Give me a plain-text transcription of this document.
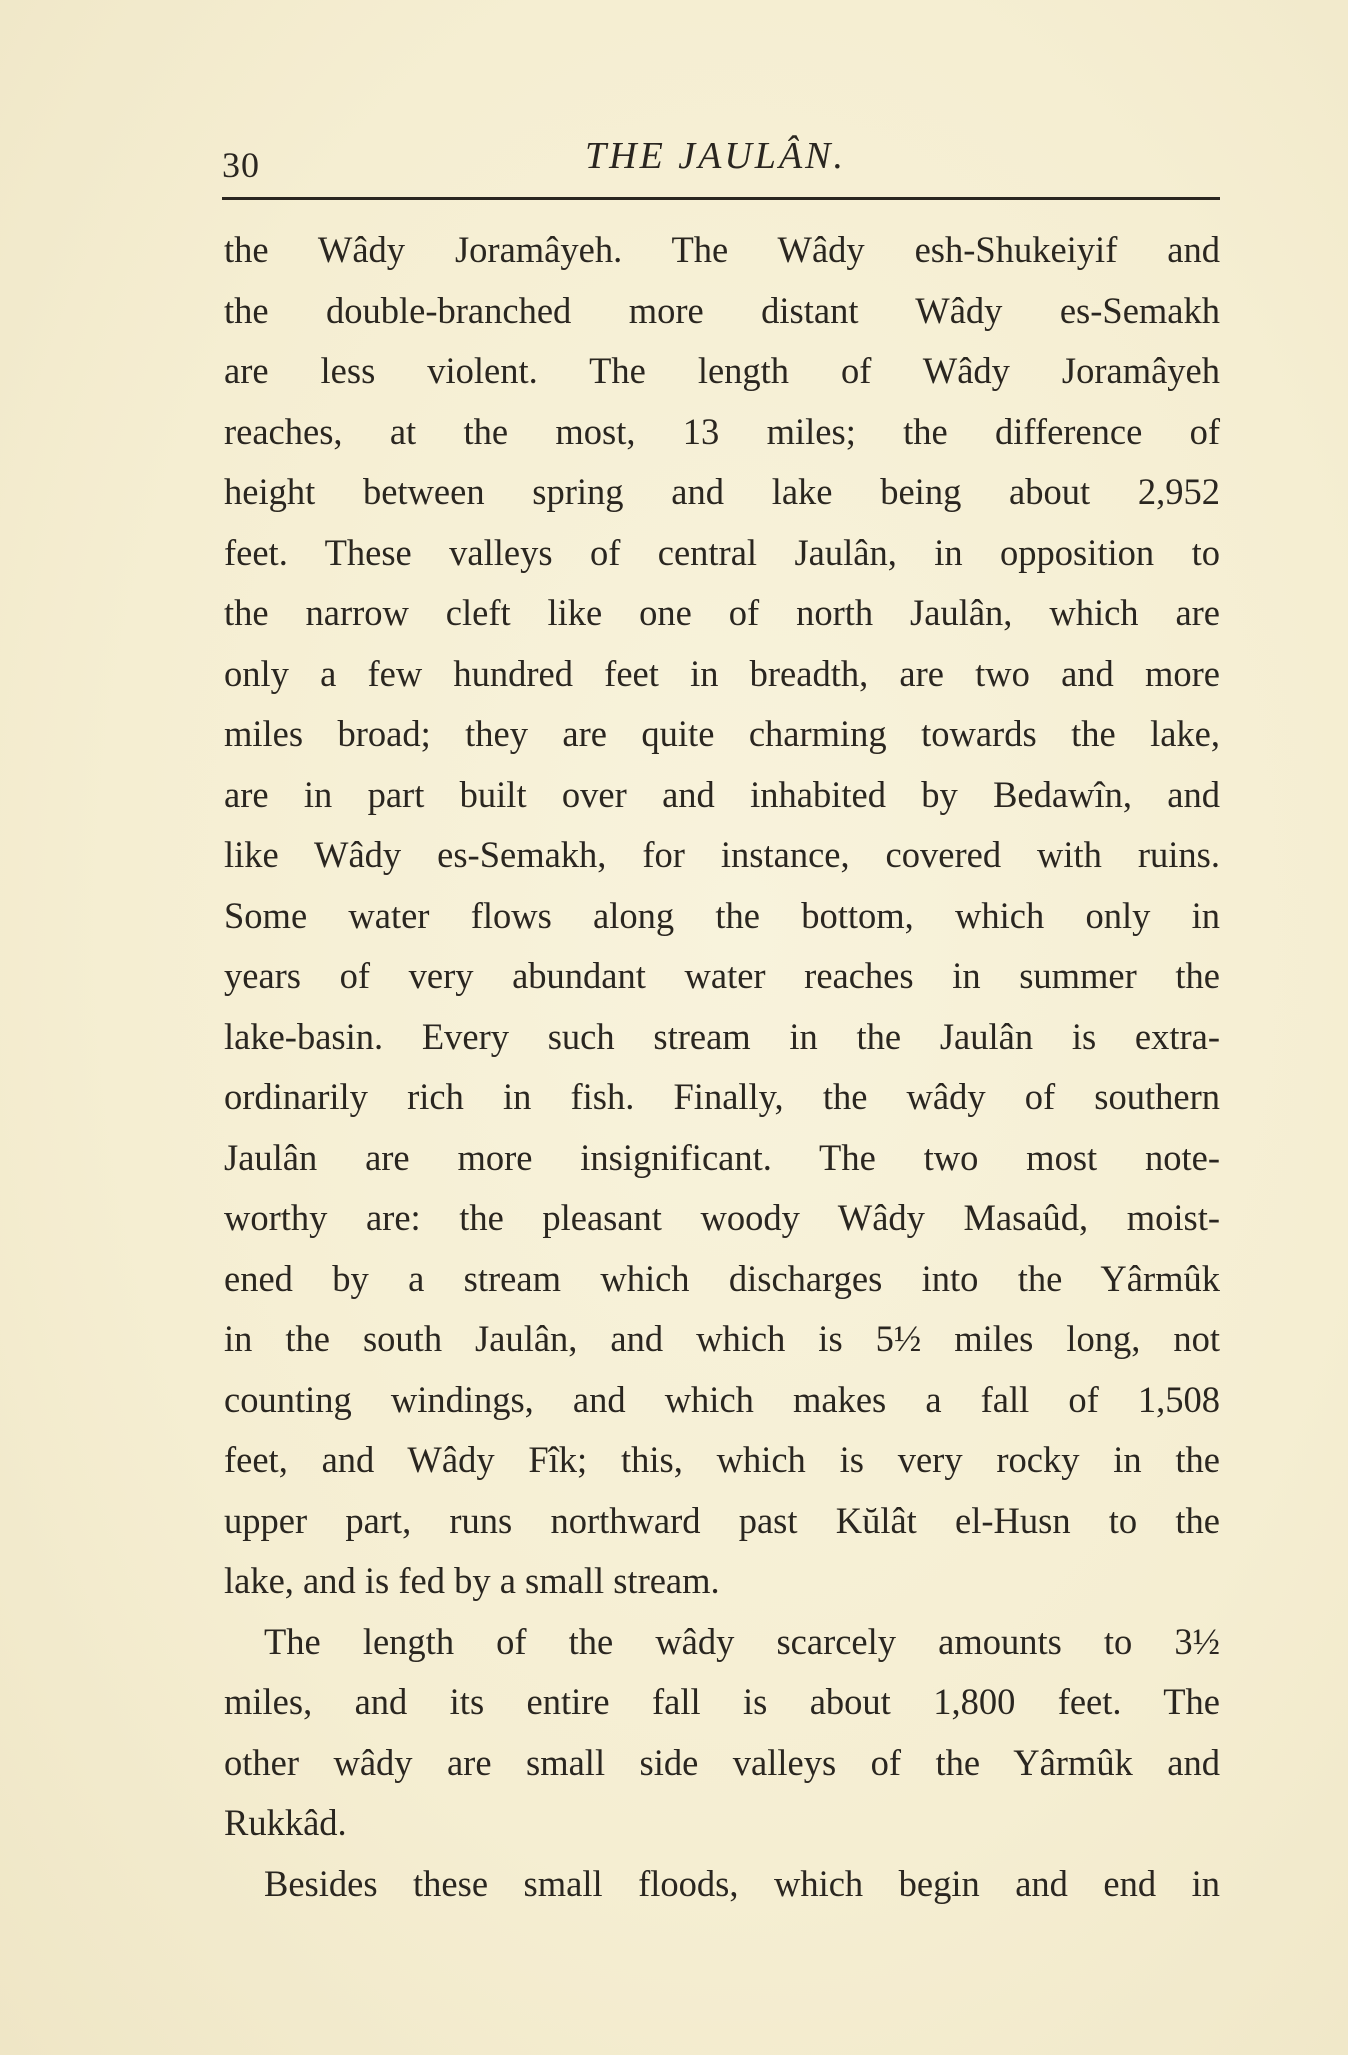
30	THE JAULÂN.
the Wâdy Joramâyeh. The Wâdy esh-Shukeiyif and
the double-branched more distant Wâdy es-Semakh
are less violent. The length of Wâdy Joramâyeh
reaches, at the most, 13 miles; the difference of
height between spring and lake being about 2,952
feet. These valleys of central Jaulân, in opposition to
the narrow cleft like one of north Jaulân, which are
only a few hundred feet in breadth, are two and more
miles broad; they are quite charming towards the lake,
are in part built over and inhabited by Bedawîn, and
like Wâdy es-Semakh, for instance, covered with ruins.
Some water flows along the bottom, which only in
years of very abundant water reaches in summer the
lake-basin. Every such stream in the Jaulân is extra-
ordinarily rich in fish. Finally, the wâdy of southern
Jaulân are more insignificant. The two most note-
worthy are: the pleasant woody Wâdy Masaûd, moist-
ened by a stream which discharges into the Yârmûk
in the south Jaulân, and which is 5½ miles long, not
counting windings, and which makes a fall of 1,508
feet, and Wâdy Fîk; this, which is very rocky in the
upper part, runs northward past Kŭlât el-Husn to the
lake, and is fed by a small stream.
The length of the wâdy scarcely amounts to 3½
miles, and its entire fall is about 1,800 feet. The
other wâdy are small side valleys of the Yârmûk and
Rukkâd.
Besides these small floods, which begin and end in
